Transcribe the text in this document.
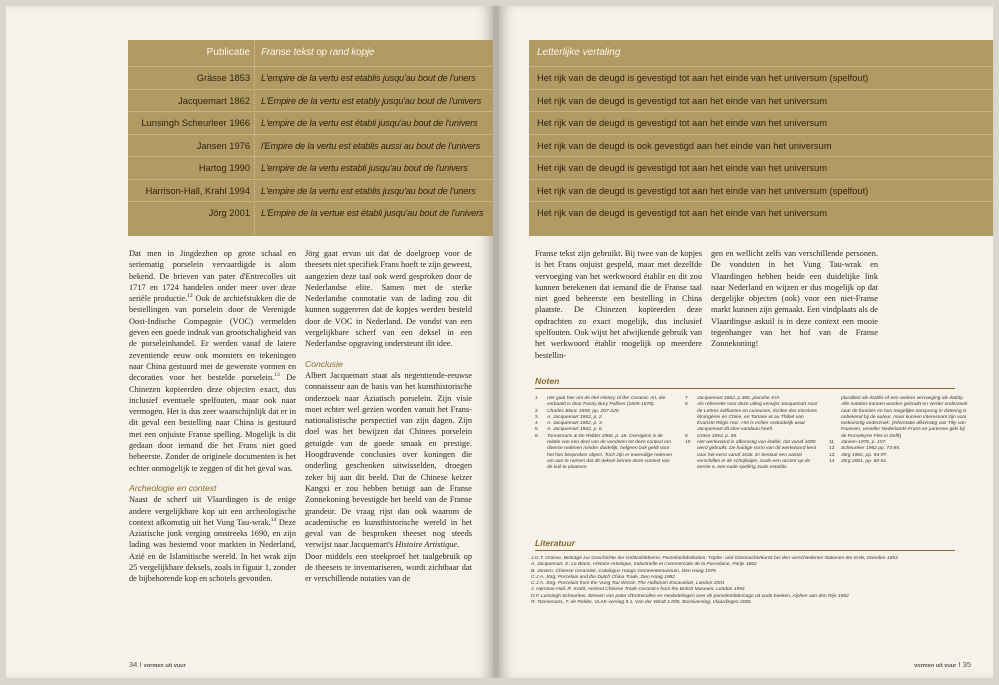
Publicatie Franse tekst op rand kopje
Grässe 1853 L'empire de la vertu est etablis jusqu'au bout de l'uners
Jacquemart 1862 L'Empire de la vertu est etably jusqu'au bout de l'univers
Lunsingh Scheurleer 1966 L'empire de la vertu est établi jusqu'au bout de l'univers
Jansen 1976 l'Empire de la vertu est etablis aussi au bout de l'univers
Hartog 1990 L'empire de la vertu establi jusqu'au bout de l'univers
Harrison-Hall, Krahl 1994 L'empire de la vertu est etablis jusqu'au bout de l'uners
Jörg 2001 L'Empire de la vertue est établi jusqu'au bout de l'univers

Dat men in Jingdezhen op grote schaal en seriematig porselein vervaardigde is alom bekend. De brieven van pater d'Entrecolles uit 1717 en 1724 handelen onder meer over deze seriële productie.$^{12}$ Ook de archiefstukken die de bestellingen van porselein door de Verenigde Oost-Indische Compagnie (VOC) vermelden geven een goede indruk van grootschaligheid van de porseleinhandel. Er werden vanaf de latere zeventiende eeuw ook monsters en tekeningen naar China gestuurd met de gewenste vormen en decoraties voor het bestelde porselein.$^{13}$ De Chinezen kopieerden deze objecten exact, dus inclusief eventuele spelfouten, maar ook naar vermogen. Het is dus zeer waarschijnlijk dat er in dit geval een bestelling naar China is gestuurd met een onjuiste Franse spelling. Mogelijk is dit gedaan door iemand die het Frans niet goed beheerste. Zonder de originele documenten is het echter onmogelijk te zeggen of dit het geval was.

Archeologie en context

Naast de scherf uit Vlaardingen is de enige andere vergelijkbare kop uit een archeologische context afkomstig uit het Vung Tau-wrak.$^{14}$ Deze Aziatische jonk verging omstreeks 1690, en zijn lading was bestemd voor markten in Nederland, Azië en de Islamitische wereld. In het wrak zijn 25 vergelijkbare deksels, zoals in figuur 1, zonder de bijbehorende kop en schotels gevonden.

Jörg gaat ervan uit dat de doelgroep voor de theesets niet specifiek Frans hoeft te zijn geweest, aangezien deze taal ook werd gesproken door de Nederlandse elite. Samen met de sterke Nederlandse connotatie van de lading zou dit kunnen suggereren dat de kopjes werden besteld door de VOC in Nederland. De vondst van een vergelijkbare scherf van een deksel in een Nederlandse opgraving ondersteunt dit idee.

Conclusie

Albert Jacquemart staat als negentiende-eeuwse connaisseur aan de basis van het kunsthistorische onderzoek naar Aziatisch porselein. Zijn visie moet echter wel gezien worden vanuit het Frans-nationalistische perspectief van zijn dagen. Zijn doel was het bewijzen dat Chinees porselein getuigde van de goede smaak en prestige. Hoogdravende conclusies over koningen die onderling geschenken uitwisselden, droegen zeker bij aan dit beeld. Dat de Chinese keizer Kangxi er zou hebben betuigt aan de Franse Zonnekoning bevestigde het beeld van de Franse grandeur. De vraag rijst dan ook waarom de academische en kunsthistorische wereld in het geval van de besproken theeset nog steeds verwijst naar Jacquemart's Histoire Artistique.

Door middels een steekproef het taalgebruik op de theesets te inventariseren, wordt zichtbaar dat er verschillende notaties van de

34 I vormen uit vuur
Letterlijke vertaling
Het rijk van de deugd is gevestigd tot aan het einde van het universum (spelfout)
Het rijk van de deugd is gevestigd tot aan het einde van het universum
Het rijk van de deugd is gevestigd tot aan het einde van het universum
Het rijk van de deugd is ook gevestigd aan het einde van het universum
Het rijk van de deugd is gevestigd tot aan het einde van het universum
Het rijk van de deugd is gevestigd tot aan het einde van het universum (spelfout)
Het rijk van de deugd is gevestigd tot aan het einde van het universum

Franse tekst zijn gebruikt. Bij twee van de kopjes is het Frans onjuist gespeld, maar met dezelfde vervoeging van het werkwoord établir en dit zou kunnen betekenen dat iemand die de Franse taal niet goed beheerste een bestelling in China plaatste. De Chinezen kopieerden deze opdrachten zo exact mogelijk, dus inclusief spelfouten. Ook wijst het afwijkende gebruik van het werkwoord établir mogelijk op meerdere bestellin-

gen en wellicht zelfs van verschillende personen. De vondsten in het Vung Tau-wrak en Vlaardingen hebben beide een duidelijke link naar Nederland en wijzen er dus mogelijk op dat dergelijke objecten (ook) voor een niet-Franse markt kunnen zijn gemaakt. Een vindplaats als de Vlaardingse askuil is in deze context een mooie tegenhanger van het hof van de Franse Zonnekoning!

Noten

1	Het gaat hier om de titel History of the Ceramic Art, die verbaald is door Fanny Bury Palliser (1805-1878).

2	Charles Blanc 1859, pp. 207-220.

3	A. Jacquemart 1862, p. 2.

4	A. Jacquemart 1862, p. 3.

5	A. Jacquemart 1862, p. 6.

6	Tonnemans & De Ridder 2006, p. 18. Overigens is de relatie van een deel van de vondsten tot deze context om diverse redenen minder duidelijk, helgeen ook geldt voor het hier besproken object. Toch zijn er inwendige redenen om aan te nemen dat dit deksel binnen deze context van de kuil te plaatsen.

7	Jacquemart 1862, p.386, planche XVI.

8	Als referentie voor deze uitleg verwijst Jacquemart naar de Lettres édifiantes en curieuses, écrites des missions étrangères en Chine, en Tartarie et au Thibet van Évariste Régis Huc. Het is echter onduidelijk waar Jacquemart dit idee vandaan heeft.

9	Gräse 1853, p. 85.

10	Het werkwoord is afkomstig van établir, dat vanaf 1080 werd gebruikt. De huidige vorm van dit werkwoord kent voor het eerst vanaf 1636. Er bestaat een aantal verschillen in de schrijfwijze, zoals een accent op de eerste e, een oude spelling zoals establis.

pluraliteit als établis of een andere vervoeging als étably. Alle notaties kunnen worden gebruikt en verder onderzoek naar de functies en hun mogelijke oorsprong in datering is onbekend bij de auteur, maar kunnen interessant zijn voor toekomstig onderzoek. (Informatie afkomstig van Tilly van Paassen, verteller Nederlands-Frans en partenne gids bij de Porseleyne Fles in Delft)

11	Jansen 1976, p. 157.

12	Scheurleer 1982 pp. 73-85.

13	Jörg 1982, pp. 94-97.

14	Jörg 2001, pp. 60-61.

Literatuur

J.G.T. Grässe, Beiträge zur Geschichte der Gefässbildnerei, Porzellanfabrikation, Töpfer- und Glasmacherkunst bei den verschiedenen Nationen der Erde, Dresden 1853

A. Jacquemart, E. Le Blanc, Histoire Artistique, Industrielle et Commerciale de la Porcelaine, Parijs 1862

B. Jansen, Chinese Ceramiek, Catalogus Haags Gemeentemuseum, Den Haag 1976

C.J.A. Jörg, Porcelain and the Dutch China Trade, Den Haag 1982

C.J.A. Jörg, Porcelain from the Vung Tau Wreck. The Hallstrom Excavation, London 2001

J. Harrison-Hall, R. Krahl, Ancient Chinese Trade Ceramics from the British Museum, London 1994

D.F. Lunsingh Scheurleer, Brieven van pater d'Entrecolles en mededelingen over de porseleinfabricage uit oude boeken, Alphen aan den Rijn 1982

R. Tonnemans, T. de Ridder, VLAK-verslag 9.1, Van der Windt 1.095, Bossiverslag, Vlaardingen 2006

vormen uit vuur I 35
